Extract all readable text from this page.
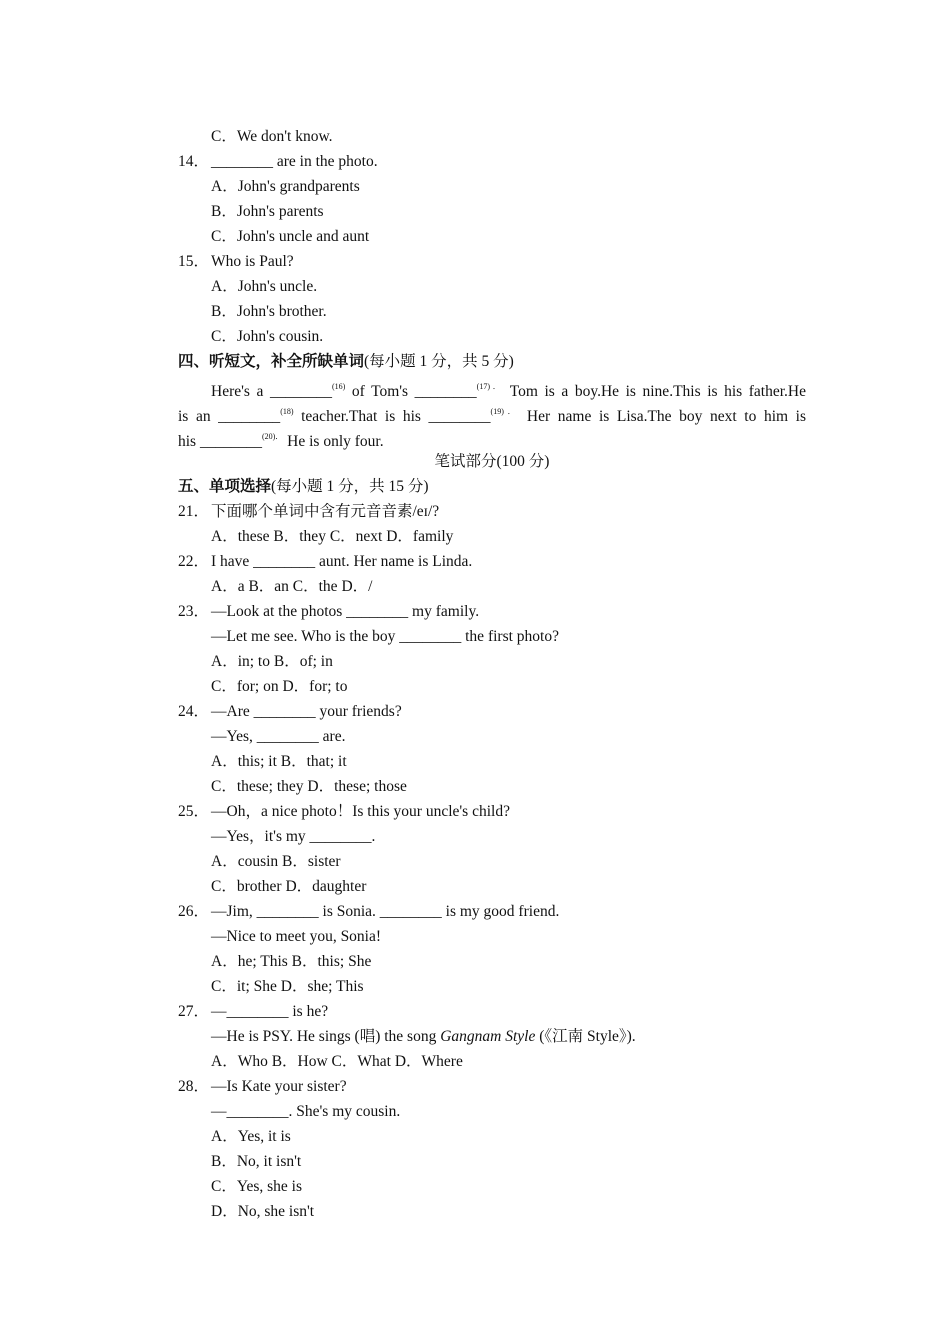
C．We don't know.
14． ________ are in the photo.
A．John's grandparents
B．John's parents
C．John's uncle and aunt
15． Who is Paul?
A．John's uncle.
B．John's brother.
C．John's cousin.
四、听短文，补全所缺单词(每小题 1 分，共 5 分)
Here's a ________$^{(16)}$ of Tom's ________$^{(17).}$ Tom is a boy.He is nine.This is his father.He
is an ________$^{(18)}$ teacher.That is his ________$^{(19).}$ Her name is Lisa.The boy next to him is
his ________$^{(20).}$ He is only four.
笔试部分(100 分)
五、单项选择(每小题 1 分，共 15 分)
21． 下面哪个单词中含有元音音素/eɪ/?
A．these B．they C．next D．family
22． I have ________ aunt. Her name is Linda.
A．a B．an C．the D．/
23． —Look at the photos ________ my family.
—Let me see. Who is the boy ________ the first photo?
A．in; to B．of; in
C．for; on D．for; to
24． —Are ________ your friends?
—Yes, ________ are.
A．this; it B．that; it
C．these; they D．these; those
25． —Oh，a nice photo！Is this your uncle's child?
—Yes，it's my ________.
A．cousin B．sister
C．brother D．daughter
26． —Jim, ________ is Sonia. ________ is my good friend.
—Nice to meet you, Sonia!
A．he; This B．this; She
C．it; She D．she; This
27． —________ is he?
—He is PSY. He sings (唱) the song Gangnam Style (《江南 Style》).
A．Who B．How C．What D．Where
28． —Is Kate your sister?
—________. She's my cousin.
A．Yes, it is
B．No, it isn't
C．Yes, she is
D．No, she isn't
